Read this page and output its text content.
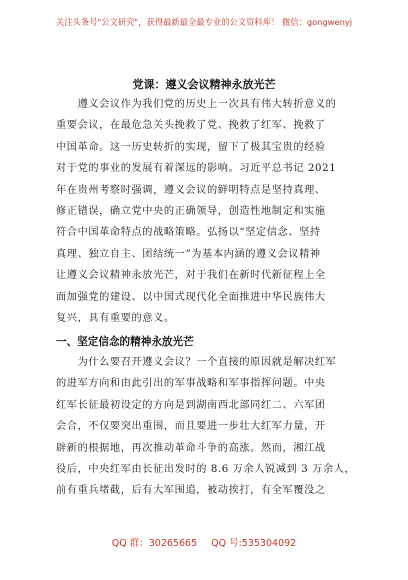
关注头条号"公文研究"，获得最新最全最专业的公文资料库！ 微信：gongwenyj
党课：遵义会议精神永放光芒
　　遵义会议作为我们党的历史上一次具有伟大转折意义的
重要会议，在最危急关头挽救了党、挽救了红军、挽救了
中国革命。这一历史转折的实现，留下了极其宝贵的经验
对于党的事业的发展有着深远的影响。习近平总书记 2021
年在贵州考察时强调，遵义会议的鲜明特点是坚持真理、
修正错误，确立党中央的正确领导，创造性地制定和实施
符合中国革命特点的战略策略。弘扬以“坚定信念、坚持
真理、独立自主、团结统一”为基本内涵的遵义会议精神
让遵义会议精神永放光芒，对于我们在新时代新征程上全
面加强党的建设、以中国式现代化全面推进中华民族伟大
复兴，具有重要的意义。
一、坚定信念的精神永放光芒
　　为什么要召开遵义会议？一个直接的原因就是解决红军
的进军方向和由此引出的军事战略和军事指挥问题。中央
红军长征最初设定的方向是到湖南西北部同红二、六军团
会合，不仅要突出重围，而且要进一步壮大红军力量，开
辟新的根据地，再次推动革命斗争的高涨。然而，湘江战
役后，中央红军由长征出发时的 8.6 万余人锐减到 3 万余人，
前有重兵堵截，后有大军围追，被动挨打，有全军覆没之
QQ 群：30265665 QQ 号:535304092
